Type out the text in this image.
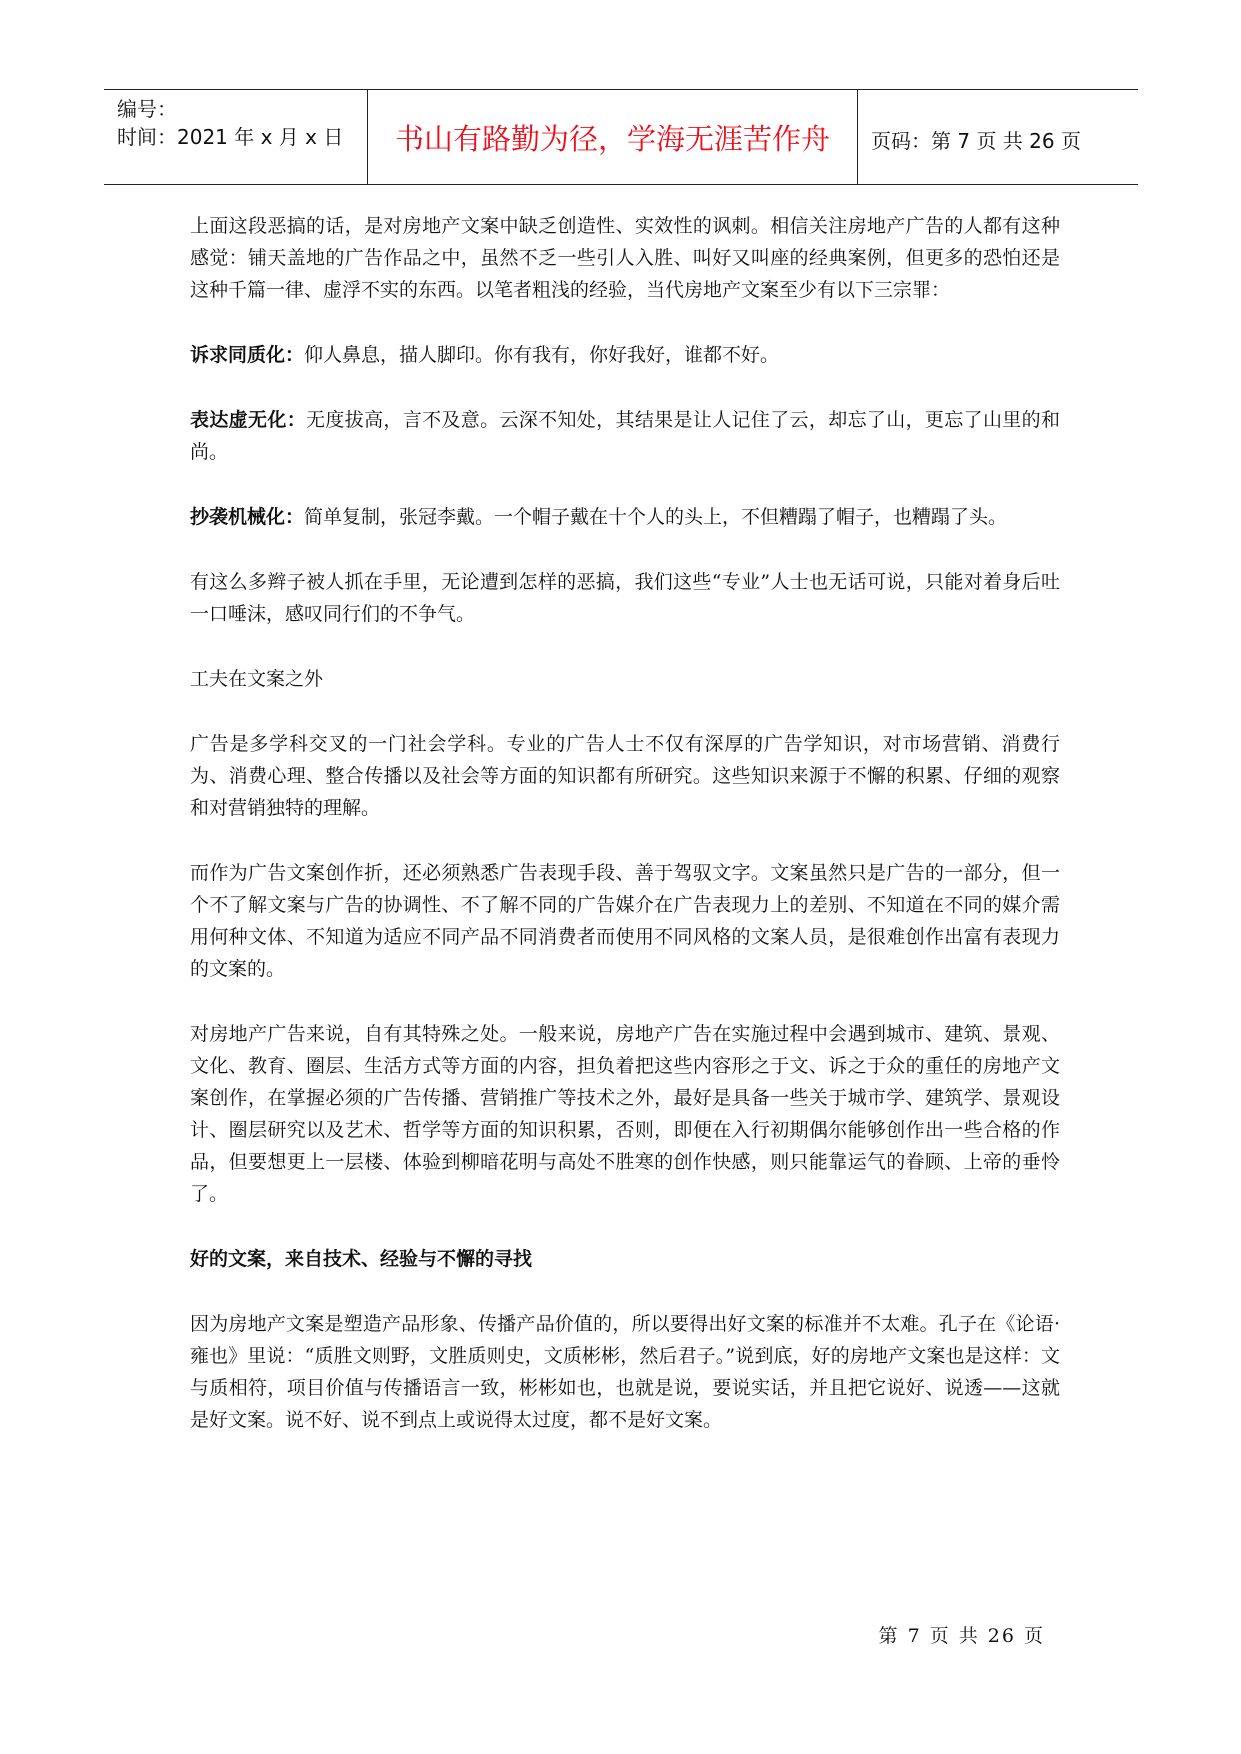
编号：
时间：2021 年 x 月 x 日	书山有路勤为径，学海无涯苦作舟	页码：第 7 页 共 26 页

上面这段恶搞的话，是对房地产文案中缺乏创造性、实效性的讽刺。相信关注房地产广告的人都有这种感觉：铺天盖地的广告作品之中，虽然不乏一些引人入胜、叫好又叫座的经典案例，但更多的恐怕还是这种千篇一律、虚浮不实的东西。以笔者粗浅的经验，当代房地产文案至少有以下三宗罪：

诉求同质化：仰人鼻息，描人脚印。你有我有，你好我好，谁都不好。

表达虚无化：无度拔高，言不及意。云深不知处，其结果是让人记住了云，却忘了山，更忘了山里的和尚。

抄袭机械化：简单复制，张冠李戴。一个帽子戴在十个人的头上，不但糟蹋了帽子，也糟蹋了头。

有这么多辫子被人抓在手里，无论遭到怎样的恶搞，我们这些“专业”人士也无话可说，只能对着身后吐一口唾沫，感叹同行们的不争气。

工夫在文案之外

广告是多学科交叉的一门社会学科。专业的广告人士不仅有深厚的广告学知识，对市场营销、消费行为、消费心理、整合传播以及社会等方面的知识都有所研究。这些知识来源于不懈的积累、仔细的观察和对营销独特的理解。

而作为广告文案创作折，还必须熟悉广告表现手段、善于驾驭文字。文案虽然只是广告的一部分，但一个不了解文案与广告的协调性、不了解不同的广告媒介在广告表现力上的差别、不知道在不同的媒介需用何种文体、不知道为适应不同产品不同消费者而使用不同风格的文案人员，是很难创作出富有表现力的文案的。

对房地产广告来说，自有其特殊之处。一般来说，房地产广告在实施过程中会遇到城市、建筑、景观、文化、教育、圈层、生活方式等方面的内容，担负着把这些内容形之于文、诉之于众的重任的房地产文案创作，在掌握必须的广告传播、营销推广等技术之外，最好是具备一些关于城市学、建筑学、景观设计、圈层研究以及艺术、哲学等方面的知识积累，否则，即便在入行初期偶尔能够创作出一些合格的作品，但要想更上一层楼、体验到柳暗花明与高处不胜寒的创作快感，则只能靠运气的眷顾、上帝的垂怜了。

好的文案，来自技术、经验与不懈的寻找

因为房地产文案是塑造产品形象、传播产品价值的，所以要得出好文案的标准并不太难。孔子在《论语·雍也》里说：“质胜文则野，文胜质则史，文质彬彬，然后君子。”说到底，好的房地产文案也是这样：文与质相符，项目价值与传播语言一致，彬彬如也，也就是说，要说实话，并且把它说好、说透——这就是好文案。说不好、说不到点上或说得太过度，都不是好文案。

第 7 页 共 26 页
